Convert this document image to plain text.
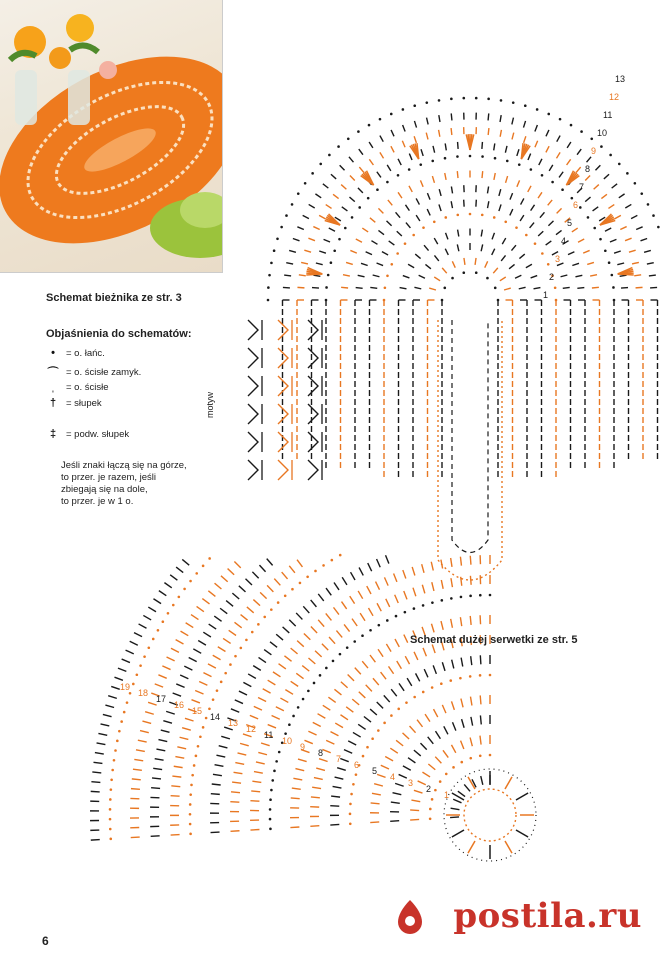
13
12
11
10
9
8
7
6
5
4
3
2
1
19
18
17
16
15
14
13
12
11
10
9
8
7
6
5
4
3
2
1
Schemat bieżnika ze str. 3
Objaśnienia do schematów:
•	= o. łańc.
⌒ = o. ścisłe zamyk.
ˌ	= o. ścisłe
†	= słupek
‡	= podw. słupek
Jeśli znaki łączą się na górze,
to przer. je razem, jeśli
zbiegają się na dole,
to przer. je w 1 o.
motyw
Schemat dużej serwetki ze str. 5
6
postila.ru
